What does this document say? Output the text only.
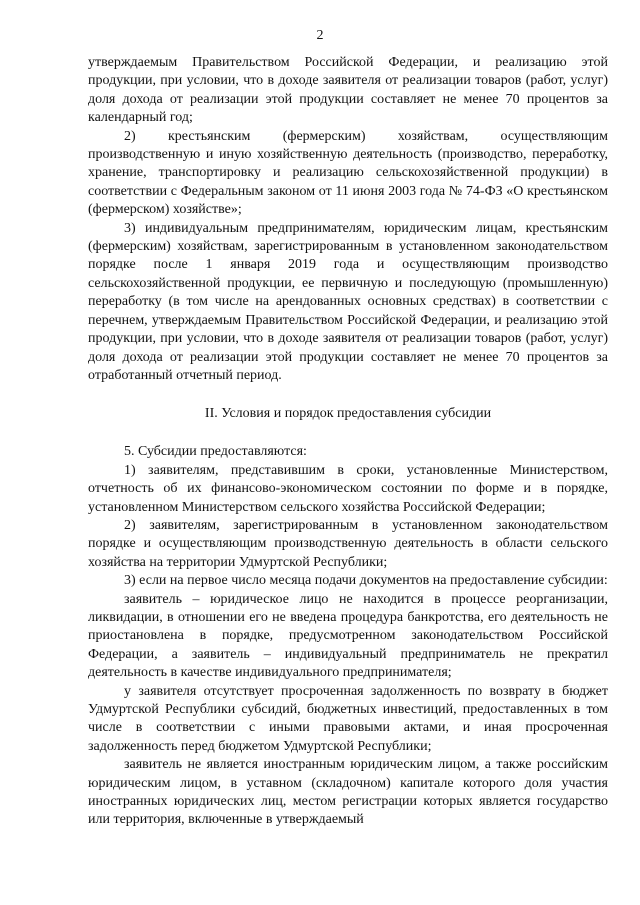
2

утверждаемым Правительством Российской Федерации, и реализацию этой продукции, при условии, что в доходе заявителя от реализации товаров (работ, услуг) доля дохода от реализации этой продукции составляет не менее 70 процентов за календарный год;

2) крестьянским (фермерским) хозяйствам, осуществляющим производственную и иную хозяйственную деятельность (производство, переработку, хранение, транспортировку и реализацию сельскохозяйственной продукции) в соответствии с Федеральным законом от 11 июня 2003 года № 74-ФЗ «О крестьянском (фермерском) хозяйстве»;

3) индивидуальным предпринимателям, юридическим лицам, крестьянским (фермерским) хозяйствам, зарегистрированным в установленном законодательством порядке после 1 января 2019 года и осуществляющим производство сельскохозяйственной продукции, ее первичную и последующую (промышленную) переработку (в том числе на арендованных основных средствах) в соответствии с перечнем, утверждаемым Правительством Российской Федерации, и реализацию этой продукции, при условии, что в доходе заявителя от реализации товаров (работ, услуг) доля дохода от реализации этой продукции составляет не менее 70 процентов за отработанный отчетный период.

II. Условия и порядок предоставления субсидии

5. Субсидии предоставляются:

1) заявителям, представившим в сроки, установленные Министерством, отчетность об их финансово-экономическом состоянии по форме и в порядке, установленном Министерством сельского хозяйства Российской Федерации;

2) заявителям, зарегистрированным в установленном законодательством порядке и осуществляющим производственную деятельность в области сельского хозяйства на территории Удмуртской Республики;

3) если на первое число месяца подачи документов на предоставление субсидии:

заявитель – юридическое лицо не находится в процессе реорганизации, ликвидации, в отношении его не введена процедура банкротства, его деятельность не приостановлена в порядке, предусмотренном законодательством Российской Федерации, а заявитель – индивидуальный предприниматель не прекратил деятельность в качестве индивидуального предпринимателя;

у заявителя отсутствует просроченная задолженность по возврату в бюджет Удмуртской Республики субсидий, бюджетных инвестиций, предоставленных в том числе в соответствии с иными правовыми актами, и иная просроченная задолженность перед бюджетом Удмуртской Республики;

заявитель не является иностранным юридическим лицом, а также российским юридическим лицом, в уставном (складочном) капитале которого доля участия иностранных юридических лиц, местом регистрации которых является государство или территория, включенные в утверждаемый
